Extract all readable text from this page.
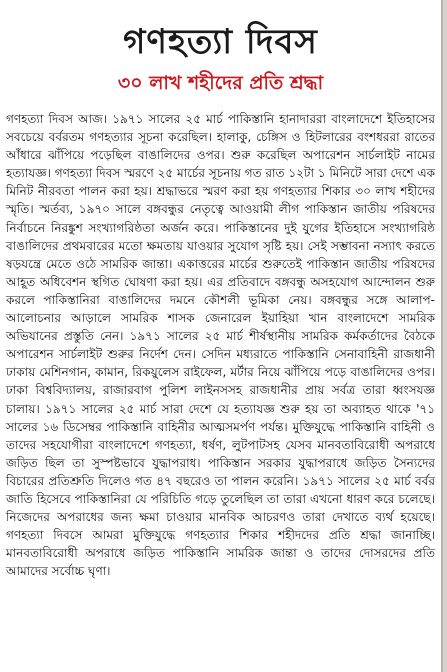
গণহত্যা দিবস
৩০ লাখ শহীদের প্রতি শ্রদ্ধা

গণহত্যা দিবস আজ। ১৯৭১ সালের ২৫ মার্চ পাকিস্তানি হানাদাররা বাংলাদেশে ইতিহাসের সবচেয়ে বর্বরতম গণহত্যার সূচনা করেছিল। হালাকু, চেঙ্গিস ও হিটলারের বংশধররা রাতের আঁধারে ঝাঁপিয়ে পড়েছিল বাঙালিদের ওপর। শুরু করেছিল অপারেশন সার্চলাইট নামের হত্যাযজ্ঞ। গণহত্যা দিবস স্মরণে ২৫ মার্চের সূচনায় গত রাত ১২টা ১ মিনিটে সারা দেশে এক মিনিট নীরবতা পালন করা হয়। শ্রদ্ধাভরে স্মরণ করা হয় গণহত্যার শিকার ৩০ লাখ শহীদের স্মৃতি। স্মর্তব্য, ১৯৭০ সালে বঙ্গবন্ধুর নেতৃত্বে আওয়ামী লীগ পাকিস্তান জাতীয় পরিষদের নির্বাচনে নিরঙ্কুশ সংখ্যাগরিষ্ঠতা অর্জন করে। পাকিস্তানের দুই যুগের ইতিহাসে সংখ্যাগরিষ্ঠ বাঙালিদের প্রথমবারের মতো ক্ষমতায় যাওয়ার সুযোগ সৃষ্টি হয়। সেই সম্ভাবনা নস্যাৎ করতে ষড়যন্ত্রে মেতে ওঠে সামরিক জান্তা। একাত্তরের মার্চের শুরুতেই পাকিস্তান জাতীয় পরিষদের আহূত অধিবেশন স্থগিত ঘোষণা করা হয়। এর প্রতিবাদে বঙ্গবন্ধু অসহযোগ আন্দোলন শুরু করলে পাকিস্তানিরা বাঙালিদের দমনে কৌশলী ভূমিকা নেয়। বঙ্গবন্ধুর সঙ্গে আলাপ-আলোচনার আড়ালে সামরিক শাসক জেনারেল ইয়াহিয়া খান বাংলাদেশে সামরিক অভিযানের প্রস্তুতি নেন। ১৯৭১ সালের ২৫ মার্চ শীর্ষস্থানীয় সামরিক কর্মকর্তাদের বৈঠকে অপারেশন সার্চলাইট শুরুর নির্দেশ দেন। সেদিন মধ্যরাতে পাকিস্তানি সেনাবাহিনী রাজধানী ঢাকায় মেশিনগান, কামান, রিকয়ুলেস রাইফেল, মর্টার নিয়ে ঝাঁপিয়ে পড়ে বাঙালিদের ওপর। ঢাকা বিশ্ববিদ্যালয়, রাজারবাগ পুলিশ লাইনসসহ রাজধানীর প্রায় সর্বত্র তারা ধ্বংসযজ্ঞ চালায়। ১৯৭১ সালের ২৫ মার্চ সারা দেশে যে হত্যাযজ্ঞ শুরু হয় তা অব্যাহত থাকে '৭১ সালের ১৬ ডিসেম্বর পাকিস্তানি বাহিনীর আত্মসমর্পণ পর্যন্ত। মুক্তিযুদ্ধে পাকিস্তানি বাহিনী ও তাদের সহযোগীরা বাংলাদেশে গণহত্যা, ধর্ষণ, লুটপাটসহ যেসব মানবতাবিরোধী অপরাধে জড়িত ছিল তা সুস্পষ্টভাবে যুদ্ধাপরাধ। পাকিস্তান সরকার যুদ্ধাপরাধে জড়িত সৈন্যদের বিচারের প্রতিশ্রুতি দিলেও গত ৪৭ বছরেও তা পালন করেনি। ১৯৭১ সালের ২৫ মার্চ বর্বর জাতি হিসেবে পাকিস্তানিরা যে পরিচিতি গড়ে তুলেছিল তা তারা এখনো ধারণ করে চলেছে। নিজেদের অপরাধের জন্য ক্ষমা চাওয়ার মানবিক আচরণও তারা দেখাতে ব্যর্থ হয়েছে। গণহত্যা দিবসে আমরা মুক্তিযুদ্ধে গণহত্যার শিকার শহীদদের প্রতি শ্রদ্ধা জানাচ্ছি। মানবতাবিরোধী অপরাধে জড়িত পাকিস্তানি সামরিক জান্তা ও তাদের দোসরদের প্রতি আমাদের সর্বোচ্চ ঘৃণা।
